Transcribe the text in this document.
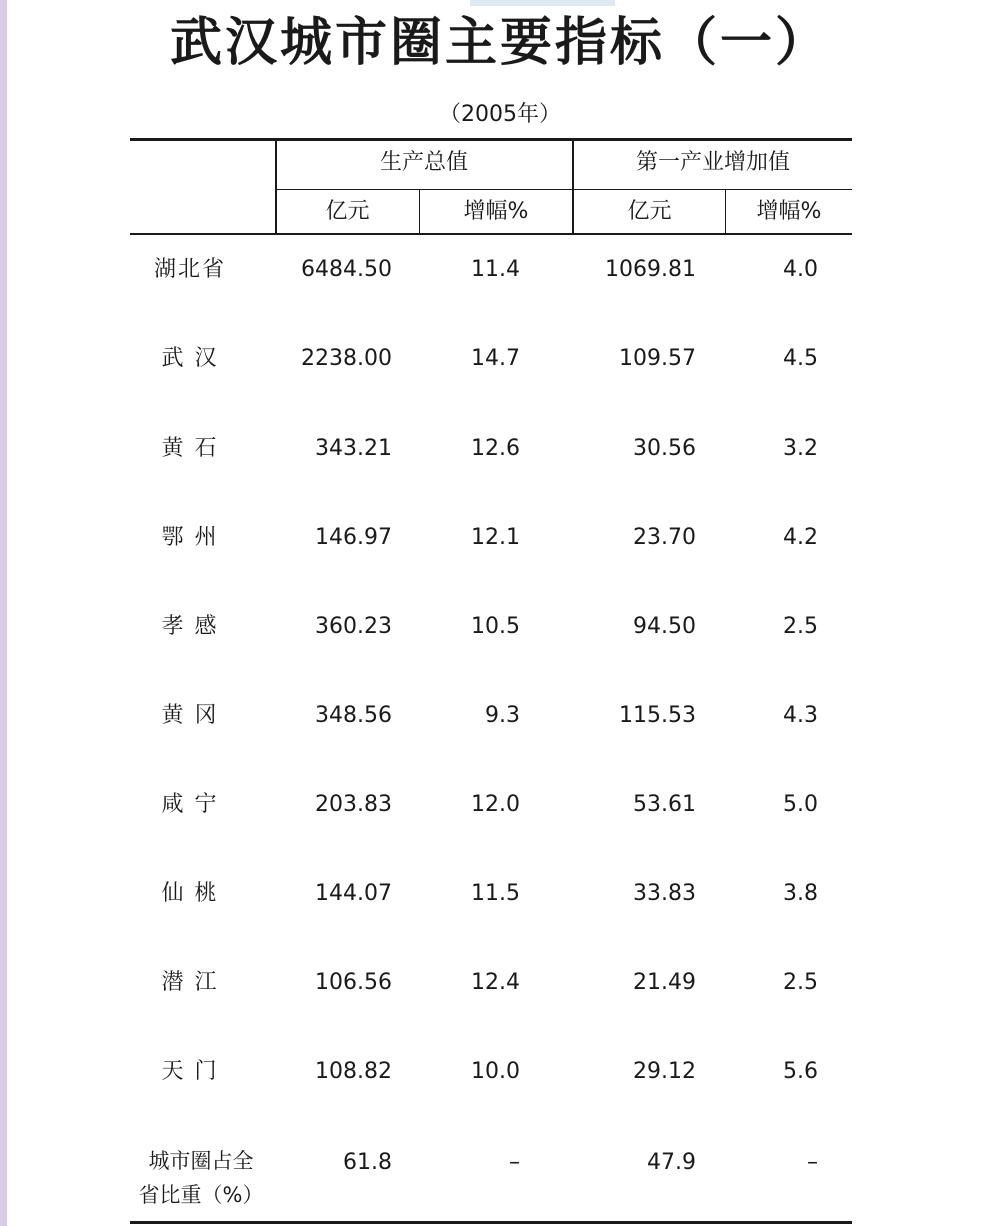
武汉城市圈主要指标（一）
（2005年）
生产总值	第一产业增加值
亿元	增幅%	亿元	增幅%
湖北省	6484.50	11.4	1069.81	4.0
武 汉	2238.00	14.7	109.57	4.5
黄 石	343.21	12.6	30.56	3.2
鄂 州	146.97	12.1	23.70	4.2
孝 感	360.23	10.5	94.50	2.5
黄 冈	348.56	9.3	115.53	4.3
咸 宁	203.83	12.0	53.61	5.0
仙 桃	144.07	11.5	33.83	3.8
潜 江	106.56	12.4	21.49	2.5
天 门	108.82	10.0	29.12	5.6
城市圈占全
省比重（%）
61.8	–	47.9	–
